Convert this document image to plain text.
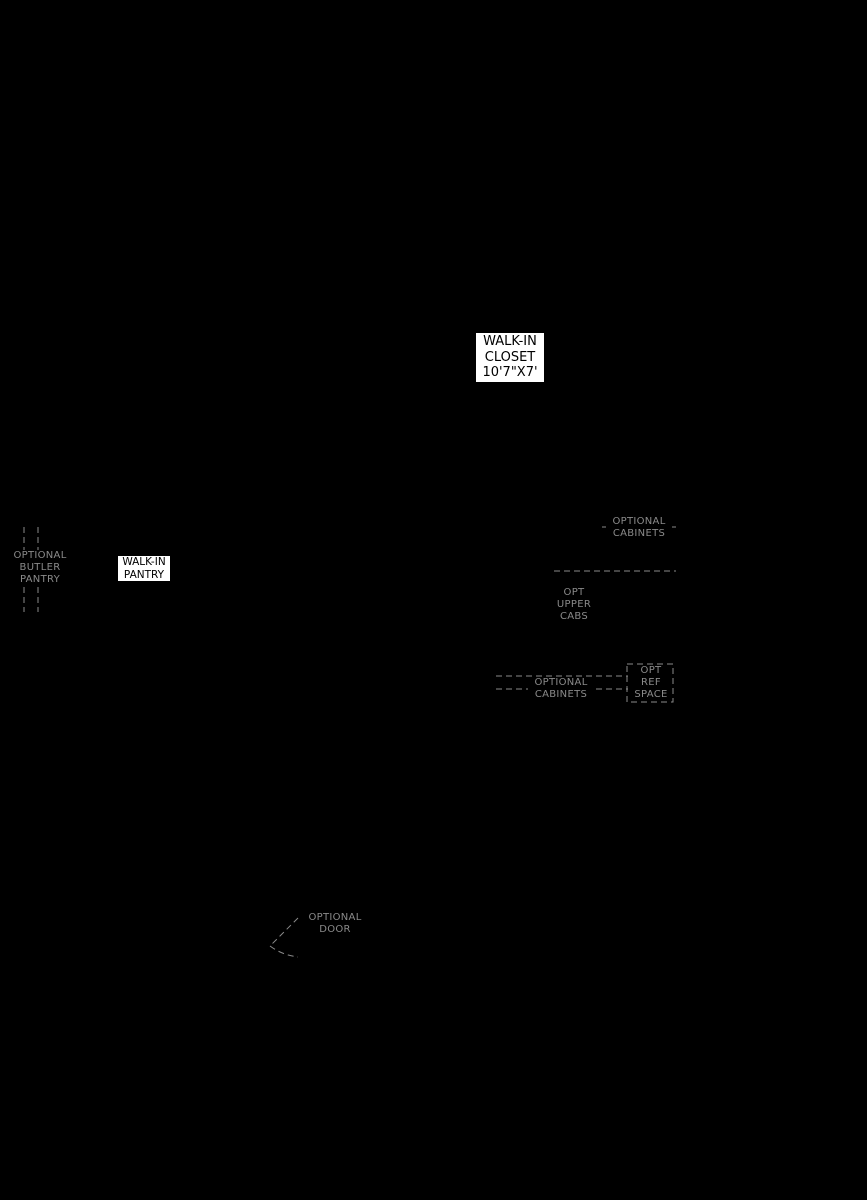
WALK-IN
CLOSET
10'7"X7'
WALK-IN
PANTRY
OPTIONAL
BUTLER
PANTRY
OPTIONAL
CABINETS
OPT
UPPER
CABS
OPTIONAL
CABINETS
OPT
REF
SPACE
OPTIONAL
DOOR
